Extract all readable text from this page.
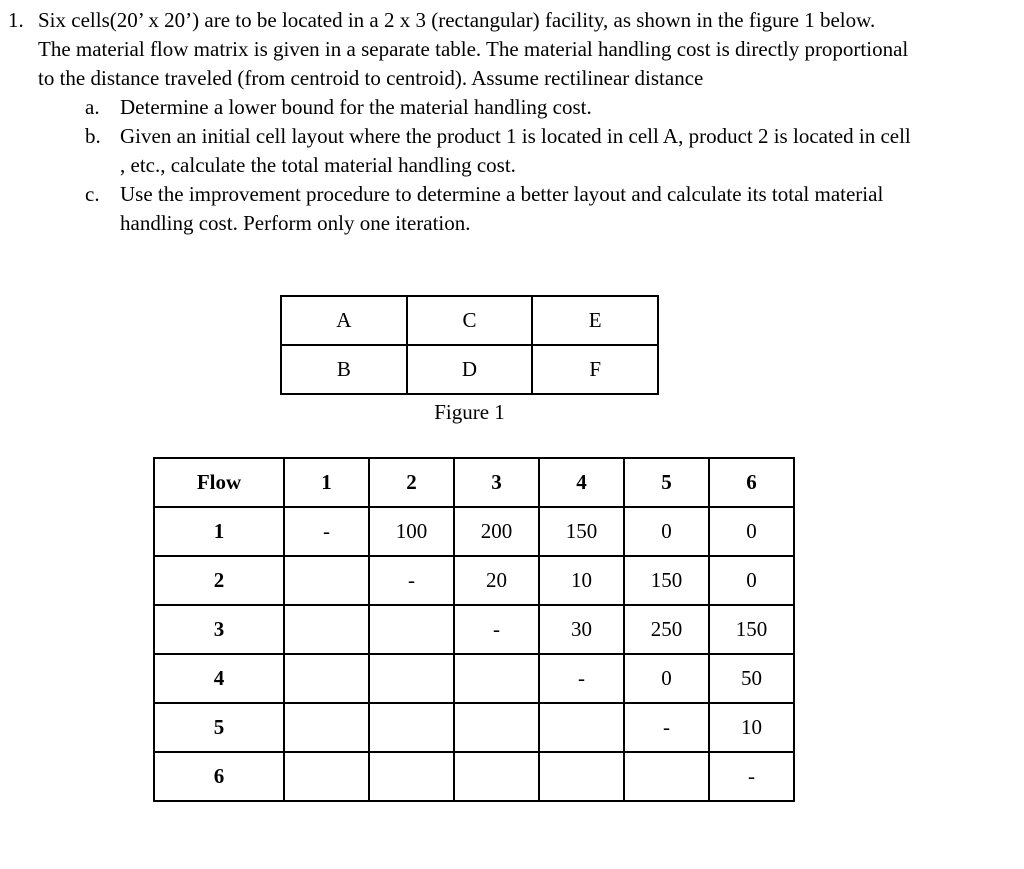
1. Six cells(20’ x 20’) are to be located in a 2 x 3 (rectangular) facility, as shown in the figure 1 below. The material flow matrix is given in a separate table. The material handling cost is directly proportional to the distance traveled (from centroid to centroid). Assume rectilinear distance
a. Determine a lower bound for the material handling cost.
b. Given an initial cell layout where the product 1 is located in cell A, product 2 is located in cell , etc., calculate the total material handling cost.
c. Use the improvement procedure to determine a better layout and calculate its total material handling cost. Perform only one iteration.
A	C	E
B	D	F
Figure 1
Flow	1	2	3	4	5	6
1	-	100	200	150	0	0
2		-	20	10	150	0
3			-	30	250	150
4				-	0	50
5					-	10
6						-
